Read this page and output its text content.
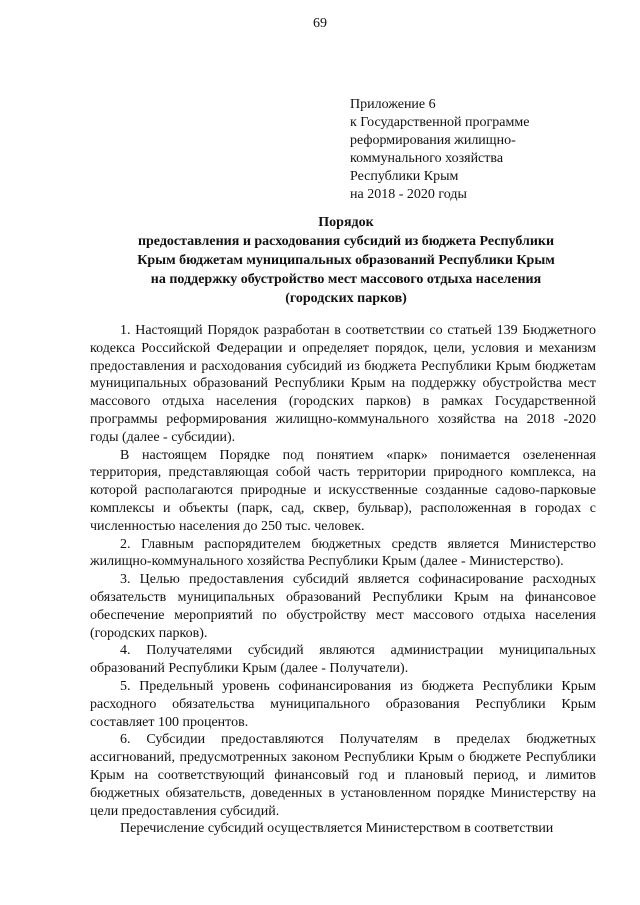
69
Приложение 6
к Государственной программе
реформирования жилищно-
коммунального хозяйства
Республики Крым
на 2018 - 2020 годы
Порядок
предоставления и расходования субсидий из бюджета Республики
Крым бюджетам муниципальных образований Республики Крым
на поддержку обустройство мест массового отдыха населения
(городских парков)

1. Настоящий Порядок разработан в соответствии со статьей 139 Бюджетного кодекса Российской Федерации и определяет порядок, цели, условия и механизм предоставления и расходования субсидий из бюджета Республики Крым бюджетам муниципальных образований Республики Крым на поддержку обустройства мест массового отдыха населения (городских парков) в рамках Государственной программы реформирования жилищно-коммунального хозяйства на 2018 -2020 годы (далее - субсидии).

В настоящем Порядке под понятием «парк» понимается озелененная территория, представляющая собой часть территории природного комплекса, на которой располагаются природные и искусственные созданные садово-парковые комплексы и объекты (парк, сад, сквер, бульвар), расположенная в городах с численностью населения до 250 тыс. человек.

2. Главным распорядителем бюджетных средств является Министерство жилищно-коммунального хозяйства Республики Крым (далее - Министерство).

3. Целью предоставления субсидий является софинасирование расходных обязательств муниципальных образований Республики Крым на финансовое обеспечение мероприятий по обустройству мест массового отдыха населения (городских парков).

4. Получателями субсидий являются администрации муниципальных образований Республики Крым (далее - Получатели).

5. Предельный уровень софинансирования из бюджета Республики Крым расходного обязательства муниципального образования Республики Крым составляет 100 процентов.

6. Субсидии предоставляются Получателям в пределах бюджетных ассигнований, предусмотренных законом Республики Крым о бюджете Республики Крым на соответствующий финансовый год и плановый период, и лимитов бюджетных обязательств, доведенных в установленном порядке Министерству на цели предоставления субсидий.

Перечисление субсидий осуществляется Министерством в соответствии
